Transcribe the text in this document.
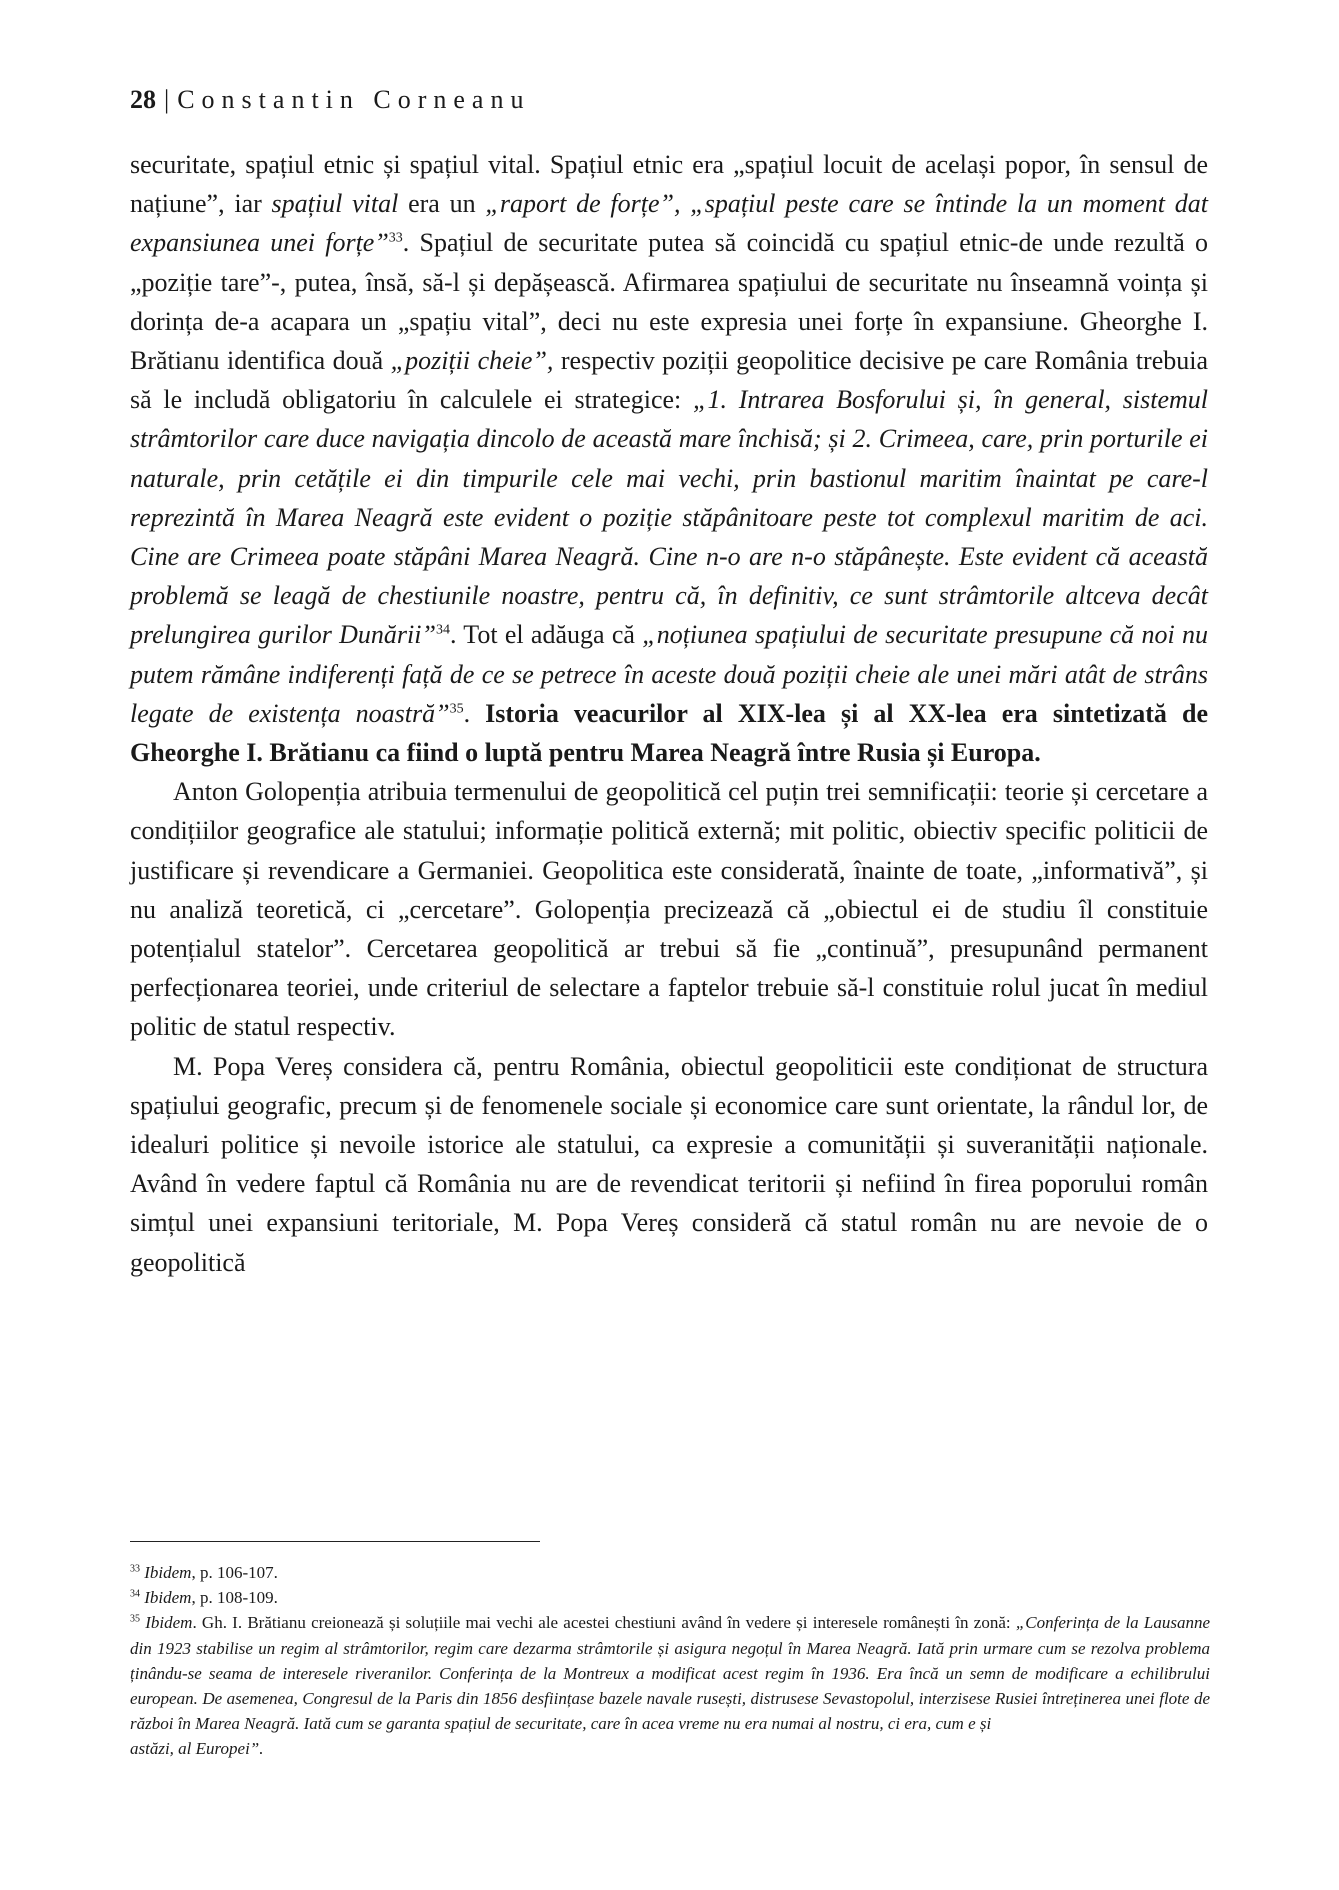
28 | Constantin Corneanu

securitate, spațiul etnic și spațiul vital. Spațiul etnic era „spațiul locuit de același popor, în sensul de națiune”, iar spațiul vital era un „raport de forțe”, „spațiul peste care se întinde la un moment dat expansiunea unei forțe”$^{33}$. Spațiul de securitate putea să coincidă cu spațiul etnic-de unde rezultă o „poziție tare”-, putea, însă, să-l și depășească. Afirmarea spațiului de securitate nu înseamnă voința și dorința de-a acapara un „spațiu vital”, deci nu este expresia unei forțe în expansiune. Gheorghe I. Brătianu identifica două „poziții cheie”, respectiv poziții geopolitice decisive pe care România trebuia să le includă obligatoriu în calculele ei strategice: „1. Intrarea Bosforului și, în general, sistemul strâmtorilor care duce navigația dincolo de această mare închisă; și 2. Crimeea, care, prin porturile ei naturale, prin cetățile ei din timpurile cele mai vechi, prin bastionul maritim înaintat pe care-l reprezintă în Marea Neagră este evident o poziție stăpânitoare peste tot complexul maritim de aci. Cine are Crimeea poate stăpâni Marea Neagră. Cine n-o are n-o stăpânește. Este evident că această problemă se leagă de chestiunile noastre, pentru că, în definitiv, ce sunt strâmtorile altceva decât prelungirea gurilor Dunării”$^{34}$. Tot el adăuga că „noțiunea spațiului de securitate presupune că noi nu putem rămâne indiferenți față de ce se petrece în aceste două poziții cheie ale unei mări atât de strâns legate de existența noastră”$^{35}$. Istoria veacurilor al XIX-lea și al XX-lea era sintetizată de Gheorghe I. Brătianu ca fiind o luptă pentru Marea Neagră între Rusia și Europa.

Anton Golopenția atribuia termenului de geopolitică cel puțin trei semnificații: teorie și cercetare a condițiilor geografice ale statului; informație politică externă; mit politic, obiectiv specific politicii de justificare și revendicare a Germaniei. Geopolitica este considerată, înainte de toate, „informativă”, și nu analiză teoretică, ci „cercetare”. Golopenția precizează că „obiectul ei de studiu îl constituie potențialul statelor”. Cercetarea geopolitică ar trebui să fie „continuă”, presupunând permanent perfecționarea teoriei, unde criteriul de selectare a faptelor trebuie să-l constituie rolul jucat în mediul politic de statul respectiv.

M. Popa Vereș considera că, pentru România, obiectul geopoliticii este condiționat de structura spațiului geografic, precum și de fenomenele sociale și economice care sunt orientate, la rândul lor, de idealuri politice și nevoile istorice ale statului, ca expresie a comunității și suveranității naționale. Având în vedere faptul că România nu are de revendicat teritorii și nefiind în firea poporului român simțul unei expansiuni teritoriale, M. Popa Vereș consideră că statul român nu are nevoie de o geopolitică

$^{33}$ Ibidem, p. 106-107.

$^{34}$ Ibidem, p. 108-109.

$^{35}$ Ibidem. Gh. I. Brătianu creionează și soluțiile mai vechi ale acestei chestiuni având în vedere și interesele românești în zonă: „Conferința de la Lausanne din 1923 stabilise un regim al strâmtorilor, regim care dezarma strâmtorile și asigura negoțul în Marea Neagră. Iată prin urmare cum se rezolva problema ținându-se seama de interesele riveranilor. Conferința de la Montreux a modificat acest regim în 1936. Era încă un semn de modificare a echilibrului european. De asemenea, Congresul de la Paris din 1856 desființase bazele navale rusești, distrusese Sevastopolul, interzisese Rusiei întreținerea unei flote de război în Marea Neagră. Iată cum se garanta spațiul de securitate, care în acea vreme nu era numai al nostru, ci era, cum e și
astăzi, al Europei”.
